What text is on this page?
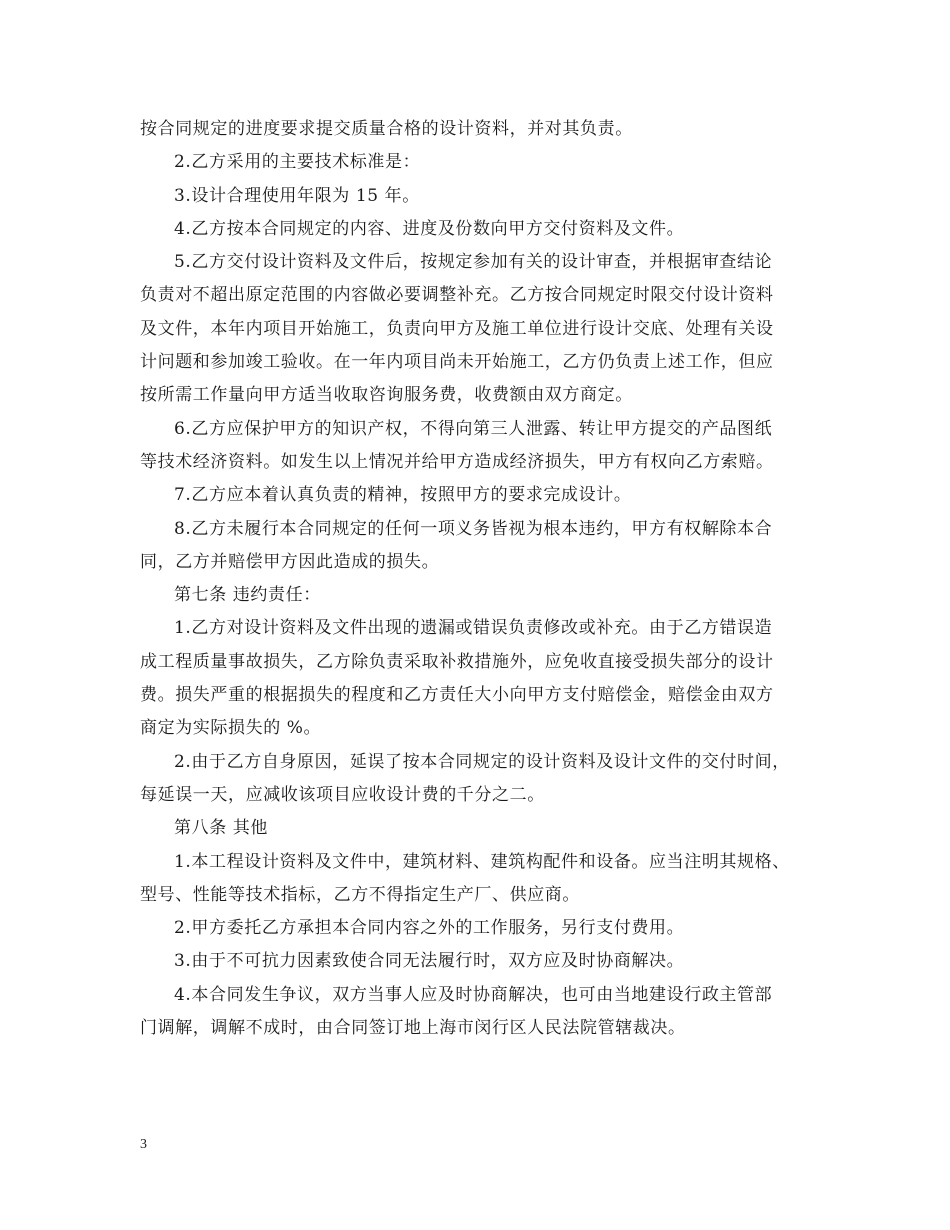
按合同规定的进度要求提交质量合格的设计资料，并对其负责。
2.乙方采用的主要技术标准是：
3.设计合理使用年限为 15 年。
4.乙方按本合同规定的内容、进度及份数向甲方交付资料及文件。
5.乙方交付设计资料及文件后，按规定参加有关的设计审查，并根据审查结论
负责对不超出原定范围的内容做必要调整补充。乙方按合同规定时限交付设计资料
及文件，本年内项目开始施工，负责向甲方及施工单位进行设计交底、处理有关设
计问题和参加竣工验收。在一年内项目尚未开始施工，乙方仍负责上述工作，但应
按所需工作量向甲方适当收取咨询服务费，收费额由双方商定。
6.乙方应保护甲方的知识产权，不得向第三人泄露、转让甲方提交的产品图纸
等技术经济资料。如发生以上情况并给甲方造成经济损失，甲方有权向乙方索赔。
7.乙方应本着认真负责的精神，按照甲方的要求完成设计。
8.乙方未履行本合同规定的任何一项义务皆视为根本违约，甲方有权解除本合
同，乙方并赔偿甲方因此造成的损失。
第七条 违约责任：
1.乙方对设计资料及文件出现的遗漏或错误负责修改或补充。由于乙方错误造
成工程质量事故损失，乙方除负责采取补救措施外，应免收直接受损失部分的设计
费。损失严重的根据损失的程度和乙方责任大小向甲方支付赔偿金，赔偿金由双方
商定为实际损失的 %。
2.由于乙方自身原因，延误了按本合同规定的设计资料及设计文件的交付时间，
每延误一天，应减收该项目应收设计费的千分之二。
第八条 其他
1.本工程设计资料及文件中，建筑材料、建筑构配件和设备。应当注明其规格、
型号、性能等技术指标，乙方不得指定生产厂、供应商。
2.甲方委托乙方承担本合同内容之外的工作服务，另行支付费用。
3.由于不可抗力因素致使合同无法履行时，双方应及时协商解决。
4.本合同发生争议，双方当事人应及时协商解决，也可由当地建设行政主管部
门调解，调解不成时，由合同签订地上海市闵行区人民法院管辖裁决。
3
